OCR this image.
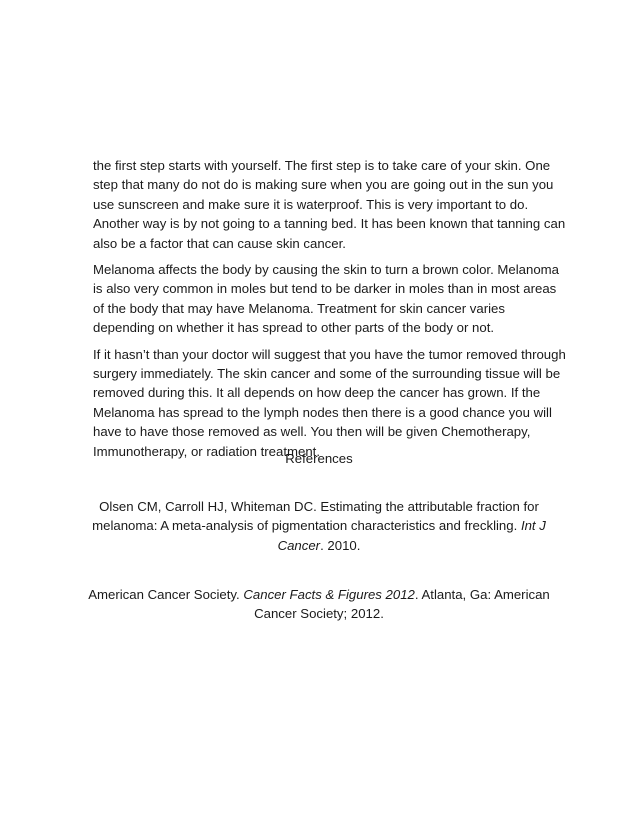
the first step starts with yourself. The first step is to take care of your skin. One
step that many do not do is making sure when you are going out in the sun you
use sunscreen and make sure it is waterproof. This is very important to do.
Another way is by not going to a tanning bed. It has been known that tanning can
also be a factor that can cause skin cancer.

Melanoma affects the body by causing the skin to turn a brown color. Melanoma
is also very common in moles but tend to be darker in moles than in most areas
of the body that may have Melanoma. Treatment for skin cancer varies
depending on whether it has spread to other parts of the body or not.

If it hasn’t than your doctor will suggest that you have the tumor removed through
surgery immediately. The skin cancer and some of the surrounding tissue will be
removed during this. It all depends on how deep the cancer has grown. If the
Melanoma has spread to the lymph nodes then there is a good chance you will
have to have those removed as well. You then will be given Chemotherapy,
Immunotherapy, or radiation treatment.

References
Olsen CM, Carroll HJ, Whiteman DC. Estimating the attributable fraction for
melanoma: A meta-analysis of pigmentation characteristics and freckling. Int J
Cancer. 2010.
American Cancer Society. Cancer Facts & Figures 2012. Atlanta, Ga: American
Cancer Society; 2012.
